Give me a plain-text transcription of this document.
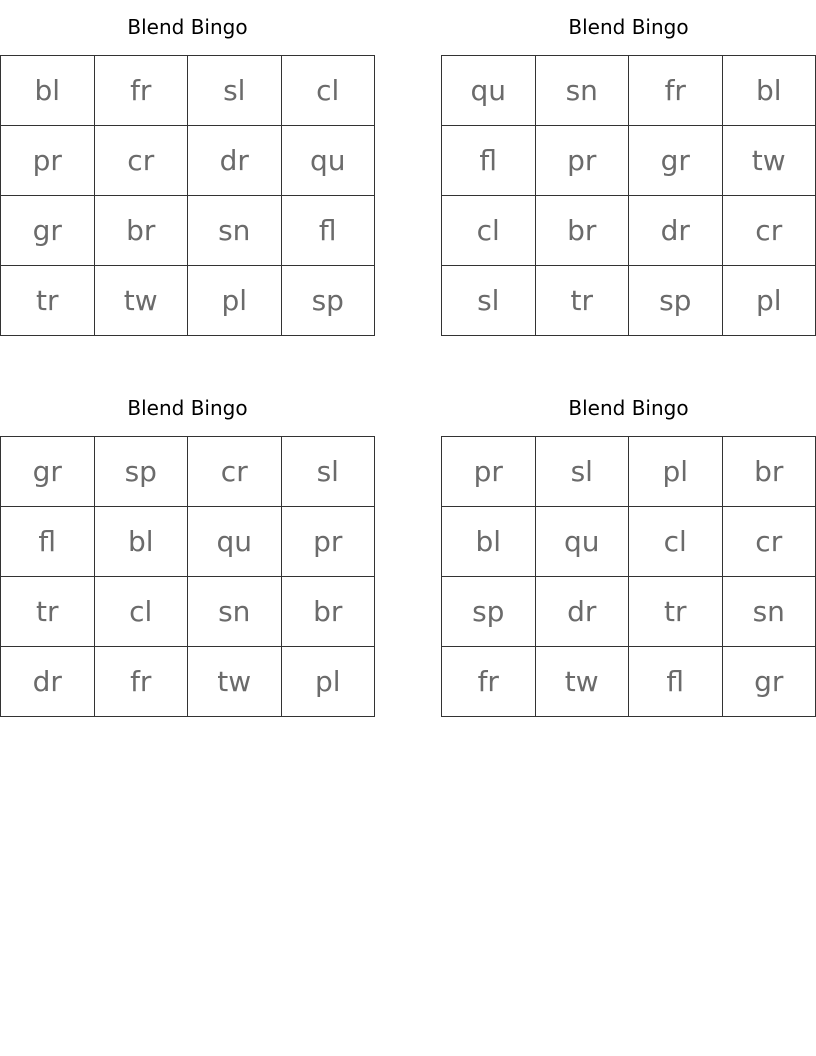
Blend Bingo
bl	fr	sl	cl
pr	cr	dr	qu
gr	br	sn	fl
tr	tw	pl	sp
Blend Bingo
qu	sn	fr	bl
fl	pr	gr	tw
cl	br	dr	cr
sl	tr	sp	pl
Blend Bingo
gr	sp	cr	sl
fl	bl	qu	pr
tr	cl	sn	br
dr	fr	tw	pl
Blend Bingo
pr	sl	pl	br
bl	qu	cl	cr
sp	dr	tr	sn
fr	tw	fl	gr
